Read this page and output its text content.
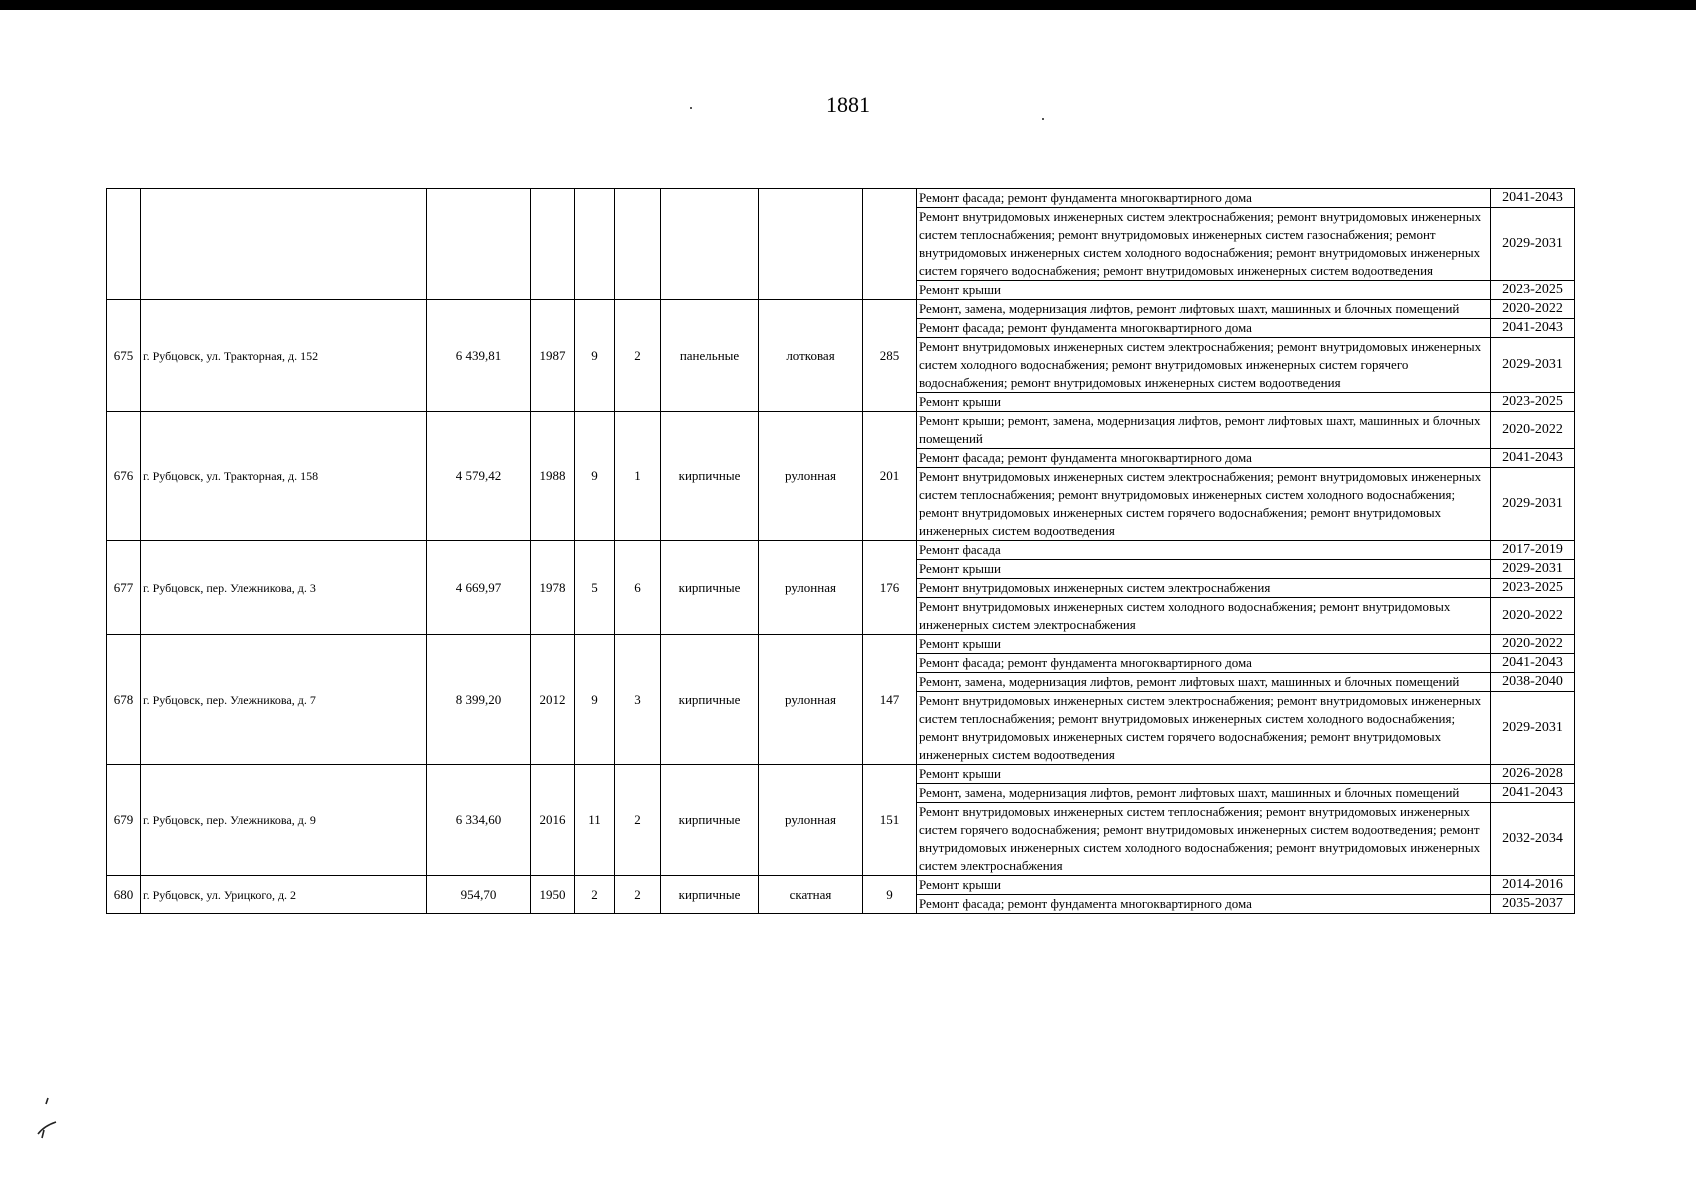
1881
									Ремонт фасада; ремонт фундамента многоквартирного дома	2041-2043
									Ремонт внутридомовых инженерных систем электроснабжения; ремонт внутридомовых инженерных систем теплоснабжения; ремонт внутридомовых инженерных систем газоснабжения; ремонт внутридомовых инженерных систем холодного водоснабжения; ремонт внутридомовых инженерных систем горячего водоснабжения; ремонт внутридомовых инженерных систем водоотведения	2029-2031
									Ремонт крыши	2023-2025
675	г. Рубцовск, ул. Тракторная, д. 152	6 439,81	1987	9	2	панельные	лотковая	285	Ремонт, замена, модернизация лифтов, ремонт лифтовых шахт, машинных и блочных помещений	2020-2022
									Ремонт фасада; ремонт фундамента многоквартирного дома	2041-2043
									Ремонт внутридомовых инженерных систем электроснабжения; ремонт внутридомовых инженерных систем холодного водоснабжения; ремонт внутридомовых инженерных систем горячего водоснабжения; ремонт внутридомовых инженерных систем водоотведения	2029-2031
									Ремонт крыши	2023-2025
676	г. Рубцовск, ул. Тракторная, д. 158	4 579,42	1988	9	1	кирпичные	рулонная	201	Ремонт крыши; ремонт, замена, модернизация лифтов, ремонт лифтовых шахт, машинных и блочных помещений	2020-2022
									Ремонт фасада; ремонт фундамента многоквартирного дома	2041-2043
									Ремонт внутридомовых инженерных систем электроснабжения; ремонт внутридомовых инженерных систем теплоснабжения; ремонт внутридомовых инженерных систем холодного водоснабжения; ремонт внутридомовых инженерных систем горячего водоснабжения; ремонт внутридомовых инженерных систем водоотведения	2029-2031
677	г. Рубцовск, пер. Улежникова, д. 3	4 669,97	1978	5	6	кирпичные	рулонная	176	Ремонт фасада	2017-2019
									Ремонт крыши	2029-2031
									Ремонт внутридомовых инженерных систем электроснабжения	2023-2025
									Ремонт внутридомовых инженерных систем холодного водоснабжения; ремонт внутридомовых инженерных систем электроснабжения	2020-2022
678	г. Рубцовск, пер. Улежникова, д. 7	8 399,20	2012	9	3	кирпичные	рулонная	147	Ремонт крыши	2020-2022
									Ремонт фасада; ремонт фундамента многоквартирного дома	2041-2043
									Ремонт, замена, модернизация лифтов, ремонт лифтовых шахт, машинных и блочных помещений	2038-2040
									Ремонт внутридомовых инженерных систем электроснабжения; ремонт внутридомовых инженерных систем теплоснабжения; ремонт внутридомовых инженерных систем холодного водоснабжения; ремонт внутридомовых инженерных систем горячего водоснабжения; ремонт внутридомовых инженерных систем водоотведения	2029-2031
679	г. Рубцовск, пер. Улежникова, д. 9	6 334,60	2016	11	2	кирпичные	рулонная	151	Ремонт крыши	2026-2028
									Ремонт, замена, модернизация лифтов, ремонт лифтовых шахт, машинных и блочных помещений	2041-2043
									Ремонт внутридомовых инженерных систем теплоснабжения; ремонт внутридомовых инженерных систем горячего водоснабжения; ремонт внутридомовых инженерных систем водоотведения; ремонт внутридомовых инженерных систем холодного водоснабжения; ремонт внутридомовых инженерных систем электроснабжения	2032-2034
680	г. Рубцовск, ул. Урицкого, д. 2	954,70	1950	2	2	кирпичные	скатная	9	Ремонт крыши	2014-2016
									Ремонт фасада; ремонт фундамента многоквартирного дома	2035-2037
